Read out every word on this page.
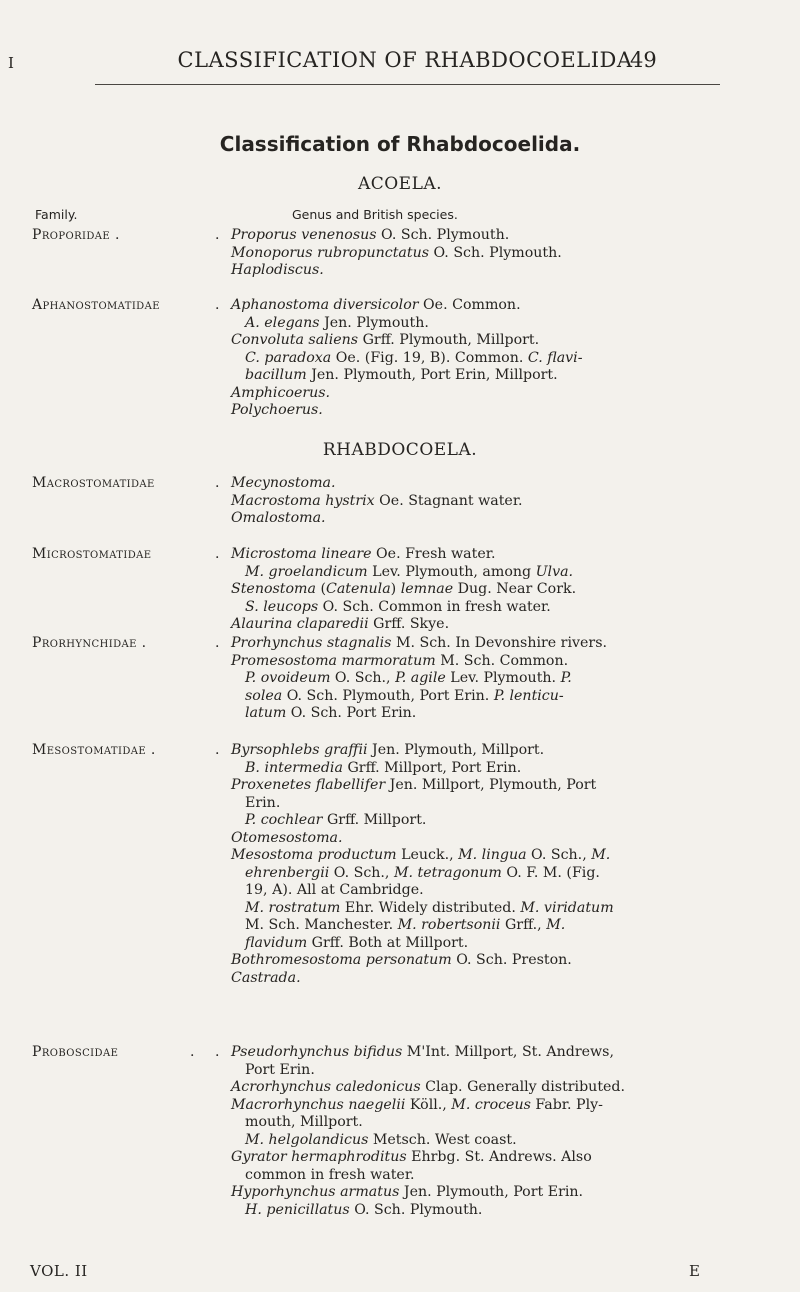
I	CLASSIFICATION OF RHABDOCOELIDA
49
Classification of Rhabdocoelida.
ACOELA.
Family.	Genus and British species.
Proporidae .	. Proporus venenosus O. Sch. Plymouth.
Monoporus rubropunctatus O. Sch. Plymouth.
Haplodiscus.
Aphanostomatidae	. Aphanostoma diversicolor Oe. Common.
A. elegans Jen. Plymouth.
Convoluta saliens Grff. Plymouth, Millport.
C. paradoxa Oe. (Fig. 19, B). Common. C. flavi-
bacillum Jen. Plymouth, Port Erin, Millport.
Amphicoerus.
Polychoerus.
RHABDOCOELA.
Macrostomatidae	. Mecynostoma.
Macrostoma hystrix Oe. Stagnant water.
Omalostoma.
Microstomatidae	. Microstoma lineare Oe. Fresh water.
M. groelandicum Lev. Plymouth, among Ulva.
Stenostoma (Catenula) lemnae Dug. Near Cork.
S. leucops O. Sch. Common in fresh water.
Alaurina claparedii Grff. Skye.
Prorhynchidae .	. Prorhynchus stagnalis M. Sch. In Devonshire rivers.
Promesostoma marmoratum M. Sch. Common.
P. ovoideum O. Sch., P. agile Lev. Plymouth. P.
solea O. Sch. Plymouth, Port Erin. P. lenticu-
latum O. Sch. Port Erin.
Mesostomatidae .	. Byrsophlebs graffii Jen. Plymouth, Millport.
B. intermedia Grff. Millport, Port Erin.
Proxenetes flabellifer Jen. Millport, Plymouth, Port
Erin.
P. cochlear Grff. Millport.
Otomesostoma.
Mesostoma productum Leuck., M. lingua O. Sch., M.
ehrenbergii O. Sch., M. tetragonum O. F. M. (Fig.
19, A). All at Cambridge.
M. rostratum Ehr. Widely distributed. M. viridatum
M. Sch. Manchester. M. robertsonii Grff., M.
flavidum Grff. Both at Millport.
Bothromesostoma personatum O. Sch. Preston.
Castrada.
Proboscidae	. . Pseudorhynchus bifidus M'Int. Millport, St. Andrews,
Port Erin.
Acrorhynchus caledonicus Clap. Generally distributed.
Macrorhynchus naegelii Köll., M. croceus Fabr. Ply-
mouth, Millport.
M. helgolandicus Metsch. West coast.
Gyrator hermaphroditus Ehrbg. St. Andrews. Also
common in fresh water.
Hyporhynchus armatus Jen. Plymouth, Port Erin.
H. penicillatus O. Sch. Plymouth.
VOL. II	E
